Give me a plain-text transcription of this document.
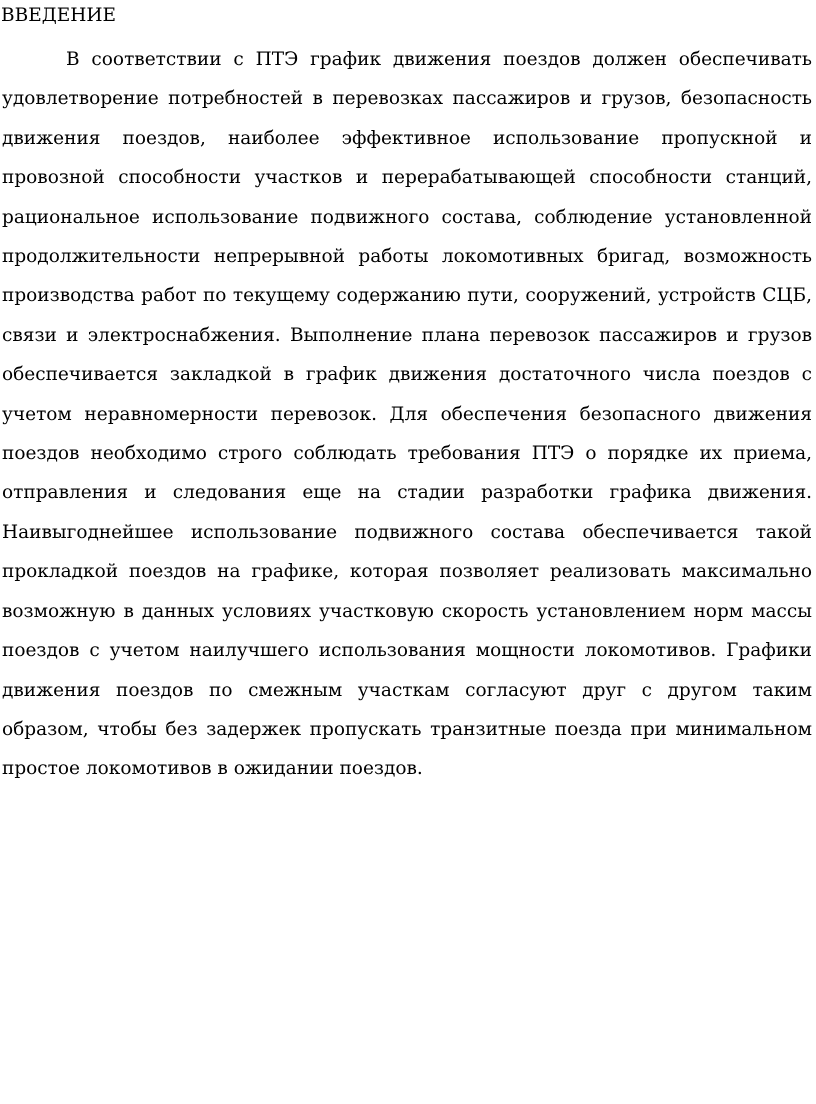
ВВЕДЕНИЕ

В соответствии с ПТЭ график движения поездов должен обеспечивать удовлетворение потребностей в перевозках пассажиров и грузов, безопасность движения поездов, наиболее эффективное использование пропускной и провозной способности участков и перерабатывающей способности станций, рациональное использование подвижного состава, соблюдение установленной продолжительности непрерывной работы локомотивных бригад, возможность производства работ по текущему содержанию пути, сооружений, устройств СЦБ, связи и электроснабжения. Выполнение плана перевозок пассажиров и грузов обеспечивается закладкой в график движения достаточного числа поездов с учетом неравномерности перевозок. Для обеспечения безопасного движения поездов необходимо строго соблюдать требования ПТЭ о порядке их приема, отправления и следования еще на стадии разработки графика движения. Наивыгоднейшее использование подвижного состава обеспечивается такой прокладкой поездов на графике, которая позволяет реализовать максимально возможную в данных условиях участковую скорость установлением норм массы поездов с учетом наилучшего использования мощности локомотивов. Графики движения поездов по смежным участкам согласуют друг с другом таким образом, чтобы без задержек пропускать транзитные поезда при минимальном простое локомотивов в ожидании поездов.
